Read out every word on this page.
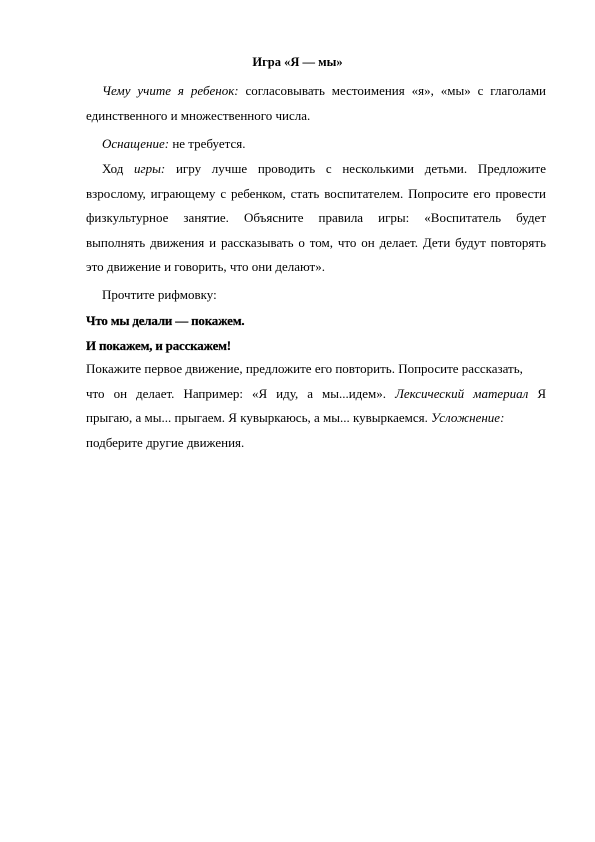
Игра «Я — мы»
Чему учите я ребенок: согласовывать местоимения «я», «мы» с глаголами
единственного и множественного числа.
Оснащение: не требуется.
Ход игры: игру лучше проводить с несколькими детьми. Предложите
взрослому, играющему с ребенком, стать воспитателем. Попросите его провести
физкультурное занятие. Объясните правила игры: «Воспитатель будет
выполнять движения и рассказывать о том, что он делает. Дети будут повторять
это движение и говорить, что они делают».
Прочтите рифмовку:
Что мы делали — покажем.
И покажем, и расскажем!
Покажите первое движение, предложите его повторить. Попросите рассказать,
что он делает. Например: «Я иду, а мы...идем». Лексический материал Я
прыгаю, а мы... прыгаем. Я кувыркаюсь, а мы... кувыркаемся. Усложнение:
подберите другие движения.
